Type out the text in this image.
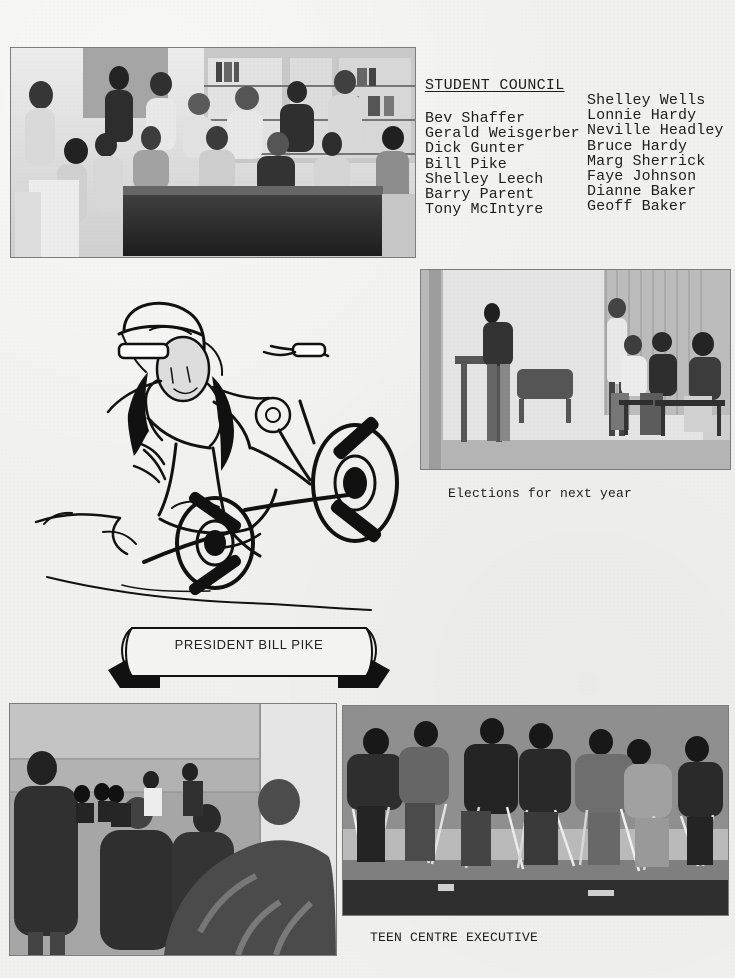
STUDENT COUNCIL
Bev Shaffer
Gerald Weisgerber
Dick Gunter
Bill Pike
Shelley Leech
Barry Parent
Tony McIntyre
Shelley Wells
Lonnie Hardy
Neville Headley
Bruce Hardy
Marg Sherrick
Faye Johnson
Dianne Baker
Geoff Baker
Elections for next year
PRESIDENT BILL PIKE
TEEN CENTRE EXECUTIVE
